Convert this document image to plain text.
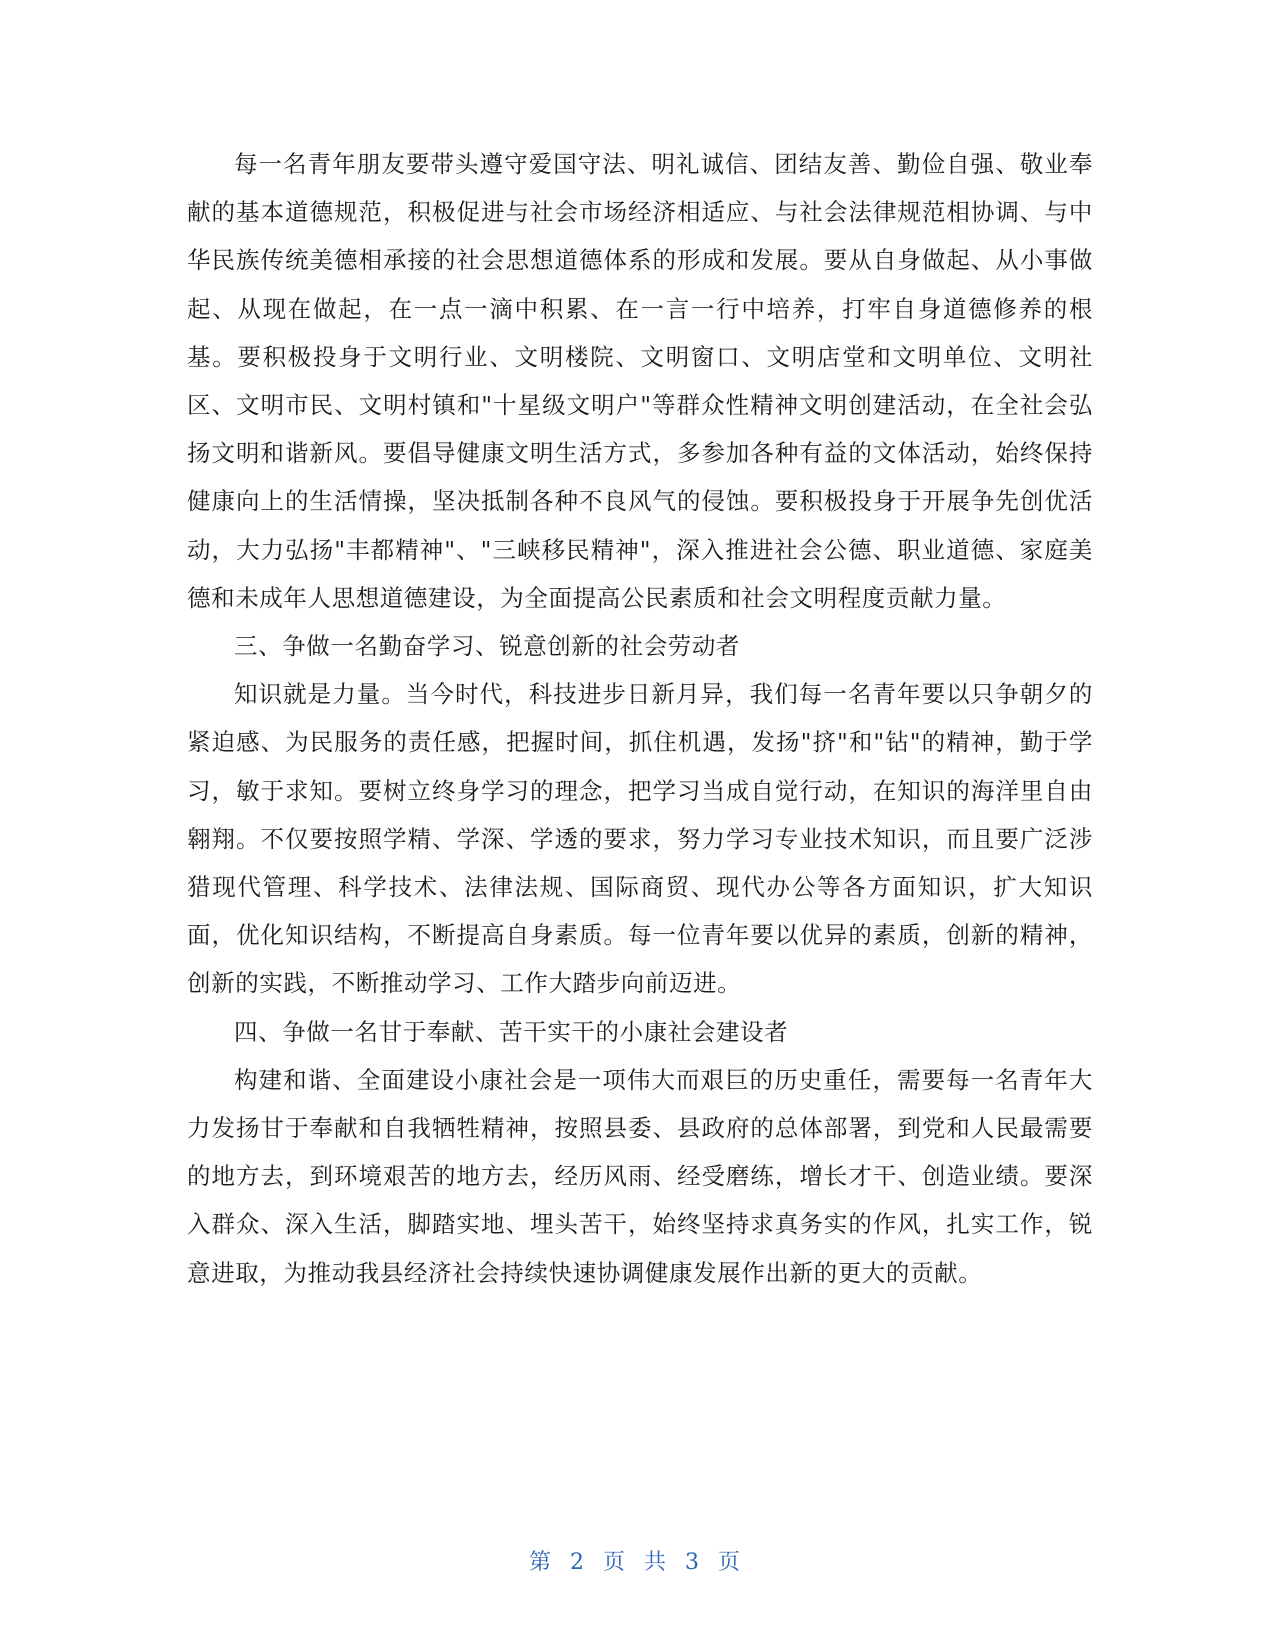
每一名青年朋友要带头遵守爱国守法、明礼诚信、团结友善、勤俭自强、敬业奉献的基本道德规范，积极促进与社会市场经济相适应、与社会法律规范相协调、与中华民族传统美德相承接的社会思想道德体系的形成和发展。要从自身做起、从小事做起、从现在做起，在一点一滴中积累、在一言一行中培养，打牢自身道德修养的根基。要积极投身于文明行业、文明楼院、文明窗口、文明店堂和文明单位、文明社区、文明市民、文明村镇和"十星级文明户"等群众性精神文明创建活动，在全社会弘扬文明和谐新风。要倡导健康文明生活方式，多参加各种有益的文体活动，始终保持健康向上的生活情操，坚决抵制各种不良风气的侵蚀。要积极投身于开展争先创优活动，大力弘扬"丰都精神"、"三峡移民精神"，深入推进社会公德、职业道德、家庭美德和未成年人思想道德建设，为全面提高公民素质和社会文明程度贡献力量。

三、争做一名勤奋学习、锐意创新的社会劳动者

知识就是力量。当今时代，科技进步日新月异，我们每一名青年要以只争朝夕的紧迫感、为民服务的责任感，把握时间，抓住机遇，发扬"挤"和"钻"的精神，勤于学习，敏于求知。要树立终身学习的理念，把学习当成自觉行动，在知识的海洋里自由翱翔。不仅要按照学精、学深、学透的要求，努力学习专业技术知识，而且要广泛涉猎现代管理、科学技术、法律法规、国际商贸、现代办公等各方面知识，扩大知识面，优化知识结构，不断提高自身素质。每一位青年要以优异的素质，创新的精神，创新的实践，不断推动学习、工作大踏步向前迈进。

四、争做一名甘于奉献、苦干实干的小康社会建设者

构建和谐、全面建设小康社会是一项伟大而艰巨的历史重任，需要每一名青年大力发扬甘于奉献和自我牺牲精神，按照县委、县政府的总体部署，到党和人民最需要的地方去，到环境艰苦的地方去，经历风雨、经受磨练，增长才干、创造业绩。要深入群众、深入生活，脚踏实地、埋头苦干，始终坚持求真务实的作风，扎实工作，锐意进取，为推动我县经济社会持续快速协调健康发展作出新的更大的贡献。

第 2 页 共 3 页
